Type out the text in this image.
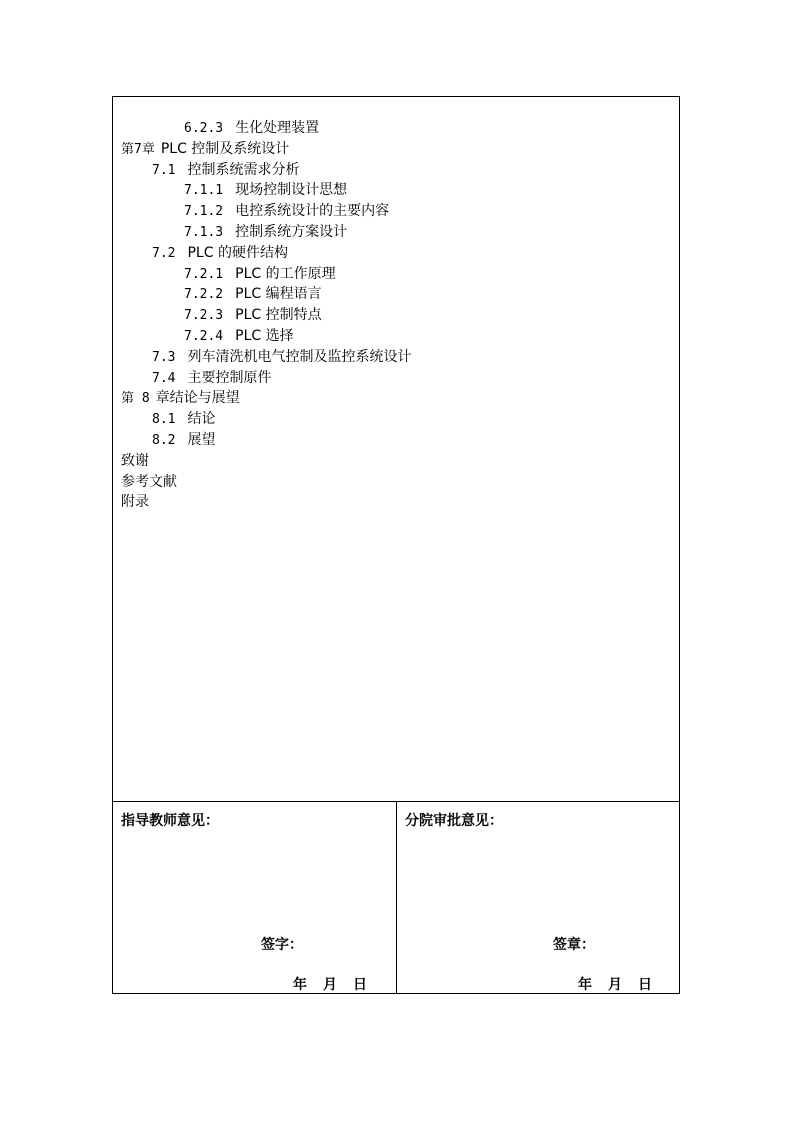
6.2.3 生化处理装置
第7章 PLC 控制及系统设计
7.1 控制系统需求分析
7.1.1 现场控制设计思想
7.1.2 电控系统设计的主要内容
7.1.3 控制系统方案设计
7.2 PLC 的硬件结构
7.2.1 PLC 的工作原理
7.2.2 PLC 编程语言
7.2.3 PLC 控制特点
7.2.4 PLC 选择
7.3 列车清洗机电气控制及监控系统设计
7.4 主要控制原件
第 8 章结论与展望
8.1 结论
8.2 展望
致谢
参考文献
附录
指导教师意见：
签字：
年 月 日
分院审批意见：
签章：
年 月 日
